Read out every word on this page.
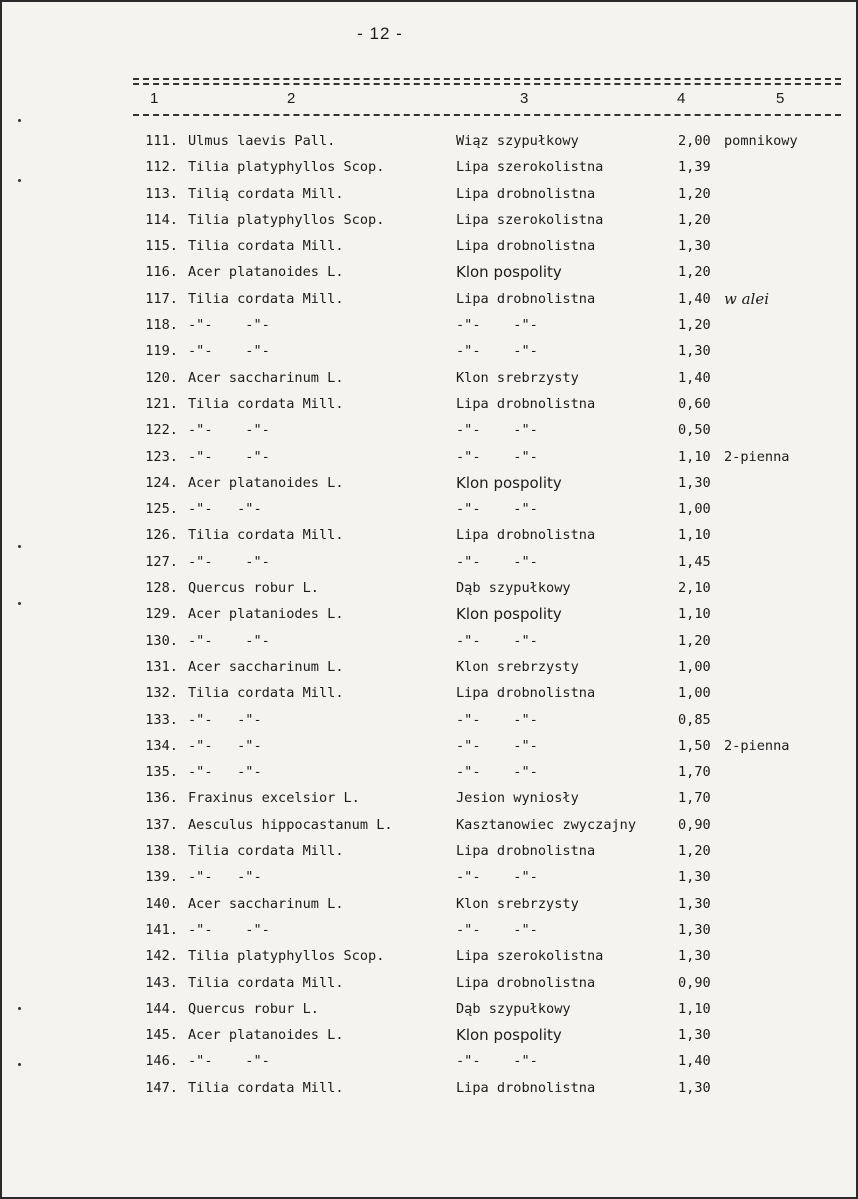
- 12 -
1	2	3	4	5
111. Ulmus laevis Pall.	Wiąz szypułkowy	2,00 pomnikowy
112. Tilia platyphyllos Scop.	Lipa szerokolistna	1,39
113. Tilią cordata Mill.	Lipa drobnolistna	1,20
114. Tilia platyphyllos Scop.	Lipa szerokolistna	1,20
115. Tilia cordata Mill.	Lipa drobnolistna	1,30
116. Acer platanoides L.	Klon pospolity	1,20
117. Tilia cordata Mill.	Lipa drobnolistna	1,40 w alei
118. -"-    -"-	-"-    -"-	1,20
119. -"-    -"-	-"-    -"-	1,30
120. Acer saccharinum L.	Klon srebrzysty	1,40
121. Tilia cordata Mill.	Lipa drobnolistna	0,60
122. -"-    -"-	-"-    -"-	0,50
123. -"-    -"-	-"-    -"-	1,10 2-pienna
124. Acer platanoides L.	Klon pospolity	1,30
125. -"-   -"-	-"-    -"-	1,00
126. Tilia cordata Mill.	Lipa drobnolistna	1,10
127. -"-    -"-	-"-    -"-	1,45
128. Quercus robur L.	Dąb szypułkowy	2,10
129. Acer plataniodes L.	Klon pospolity	1,10
130. -"-    -"-	-"-    -"-	1,20
131. Acer saccharinum L.	Klon srebrzysty	1,00
132. Tilia cordata Mill.	Lipa drobnolistna	1,00
133. -"-   -"-	-"-    -"-	0,85
134. -"-   -"-	-"-    -"-	1,50 2-pienna
135. -"-   -"-	-"-    -"-	1,70
136. Fraxinus excelsior L.	Jesion wyniosły	1,70
137. Aesculus hippocastanum L.	Kasztanowiec zwyczajny	0,90
138. Tilia cordata Mill.	Lipa drobnolistna	1,20
139. -"-   -"-	-"-    -"-	1,30
140. Acer saccharinum L.	Klon srebrzysty	1,30
141. -"-    -"-	-"-    -"-	1,30
142. Tilia platyphyllos Scop.	Lipa szerokolistna	1,30
143. Tilia cordata Mill.	Lipa drobnolistna	0,90
144. Quercus robur L.	Dąb szypułkowy	1,10
145. Acer platanoides L.	Klon pospolity	1,30
146. -"-    -"-	-"-    -"-	1,40
147. Tilia cordata Mill.	Lipa drobnolistna	1,30
